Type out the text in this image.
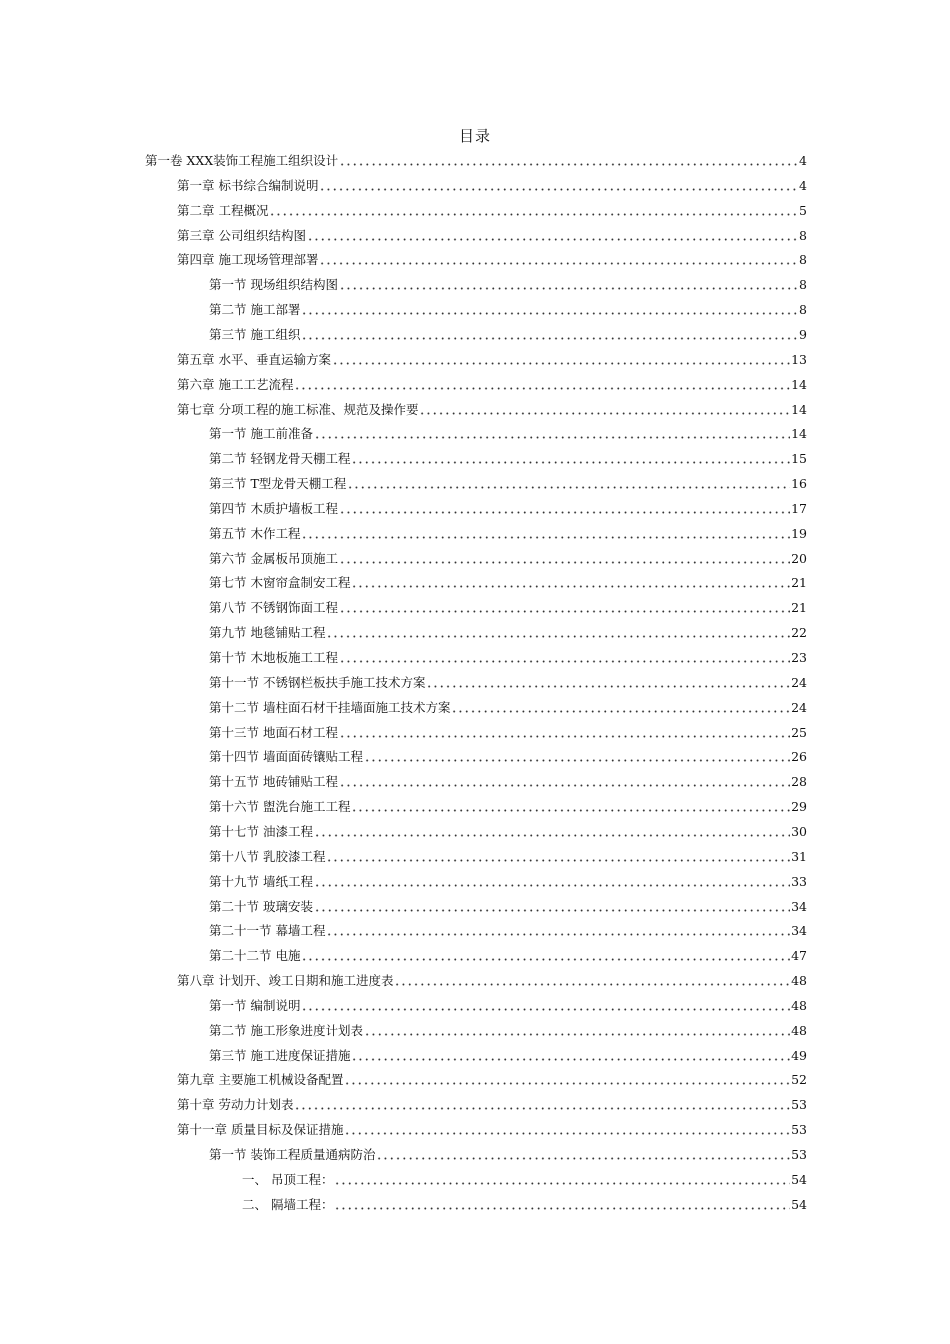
目录
第一卷 XXX装饰工程施工组织设计	4
第一章 标书综合编制说明	4
第二章 工程概况	5
第三章 公司组织结构图	8
第四章 施工现场管理部署	8
第一节 现场组织结构图	8
第二节 施工部署	8
第三节 施工组织	9
第五章 水平、垂直运输方案	13
第六章 施工工艺流程	14
第七章 分项工程的施工标准、规范及操作要	14
第一节 施工前准备	14
第二节 轻钢龙骨天棚工程	15
第三节 T型龙骨天棚工程	16
第四节 木质护墙板工程	17
第五节 木作工程	19
第六节 金属板吊顶施工	20
第七节 木窗帘盒制安工程	21
第八节 不锈钢饰面工程	21
第九节 地毯铺贴工程	22
第十节 木地板施工工程	23
第十一节 不锈钢栏板扶手施工技术方案	24
第十二节 墙柱面石材干挂墙面施工技术方案	24
第十三节 地面石材工程	25
第十四节 墙面面砖镶贴工程	26
第十五节 地砖铺贴工程	28
第十六节 盥洗台施工工程	29
第十七节 油漆工程	30
第十八节 乳胶漆工程	31
第十九节 墙纸工程	33
第二十节 玻璃安装	34
第二十一节 幕墙工程	34
第二十二节 电施	47
第八章 计划开、竣工日期和施工进度表	48
第一节 编制说明	48
第二节 施工形象进度计划表	48
第三节 施工进度保证措施	49
第九章 主要施工机械设备配置	52
第十章 劳动力计划表	53
第十一章 质量目标及保证措施	53
第一节 装饰工程质量通病防治	53
一、 吊顶工程：	54
二、 隔墙工程：	54
